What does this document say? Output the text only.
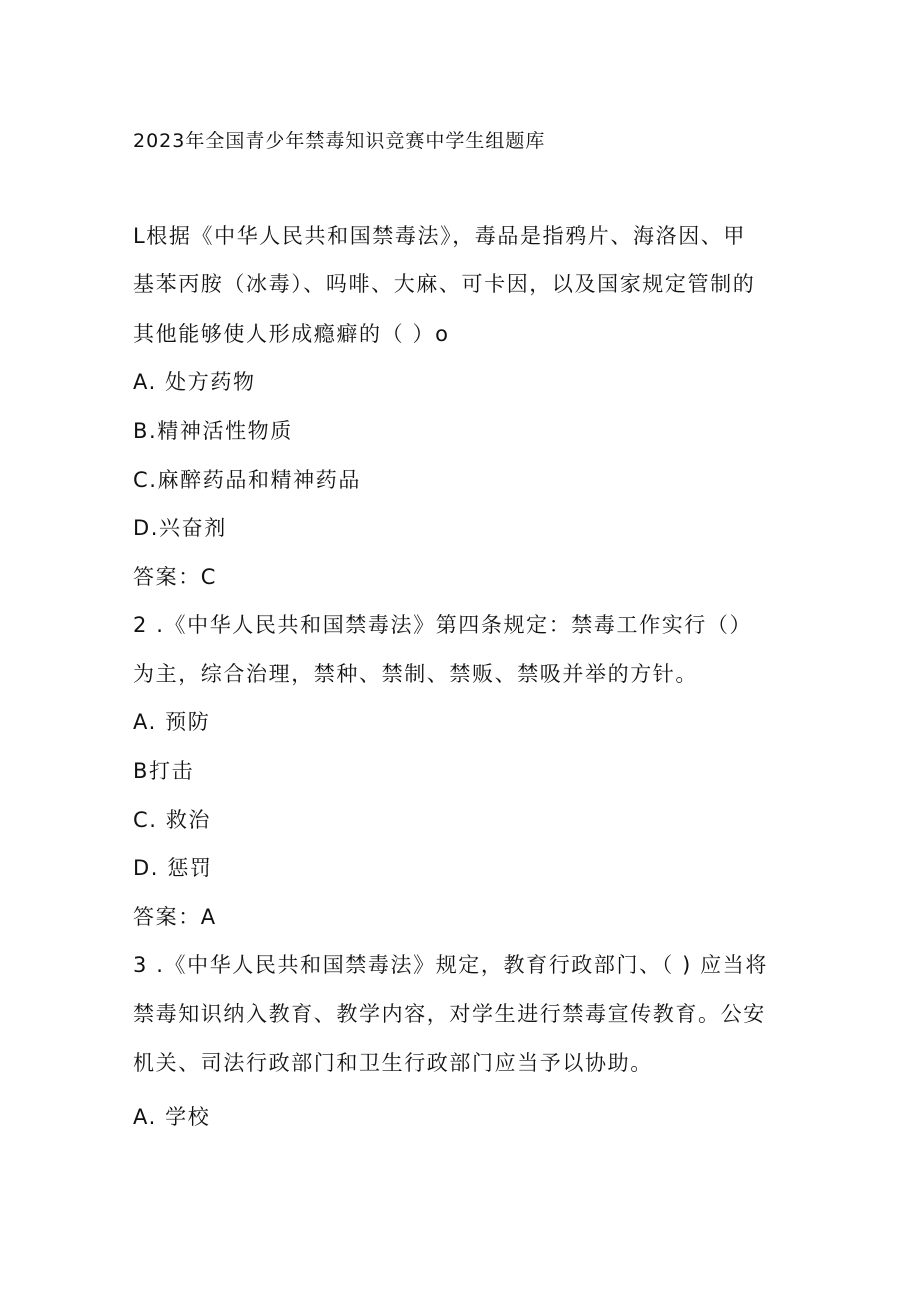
2023年全国青少年禁毒知识竞赛中学生组题库
L根据《中华人民共和国禁毒法》，毒品是指鸦片、海洛因、甲
基苯丙胺（冰毒）、吗啡、大麻、可卡因，以及国家规定管制的
其他能够使人形成瘾癖的（ ）o
A. 处方药物
B.精神活性物质
C.麻醉药品和精神药品
D.兴奋剂
答案：C
2 .《中华人民共和国禁毒法》第四条规定：禁毒工作实行（）
为主，综合治理，禁种、禁制、禁贩、禁吸并举的方针。
A. 预防
B打击
C. 救治
D. 惩罚
答案：A
3 .《中华人民共和国禁毒法》规定，教育行政部门、（ ) 应当将
禁毒知识纳入教育、教学内容，对学生进行禁毒宣传教育。公安
机关、司法行政部门和卫生行政部门应当予以协助。
A. 学校
